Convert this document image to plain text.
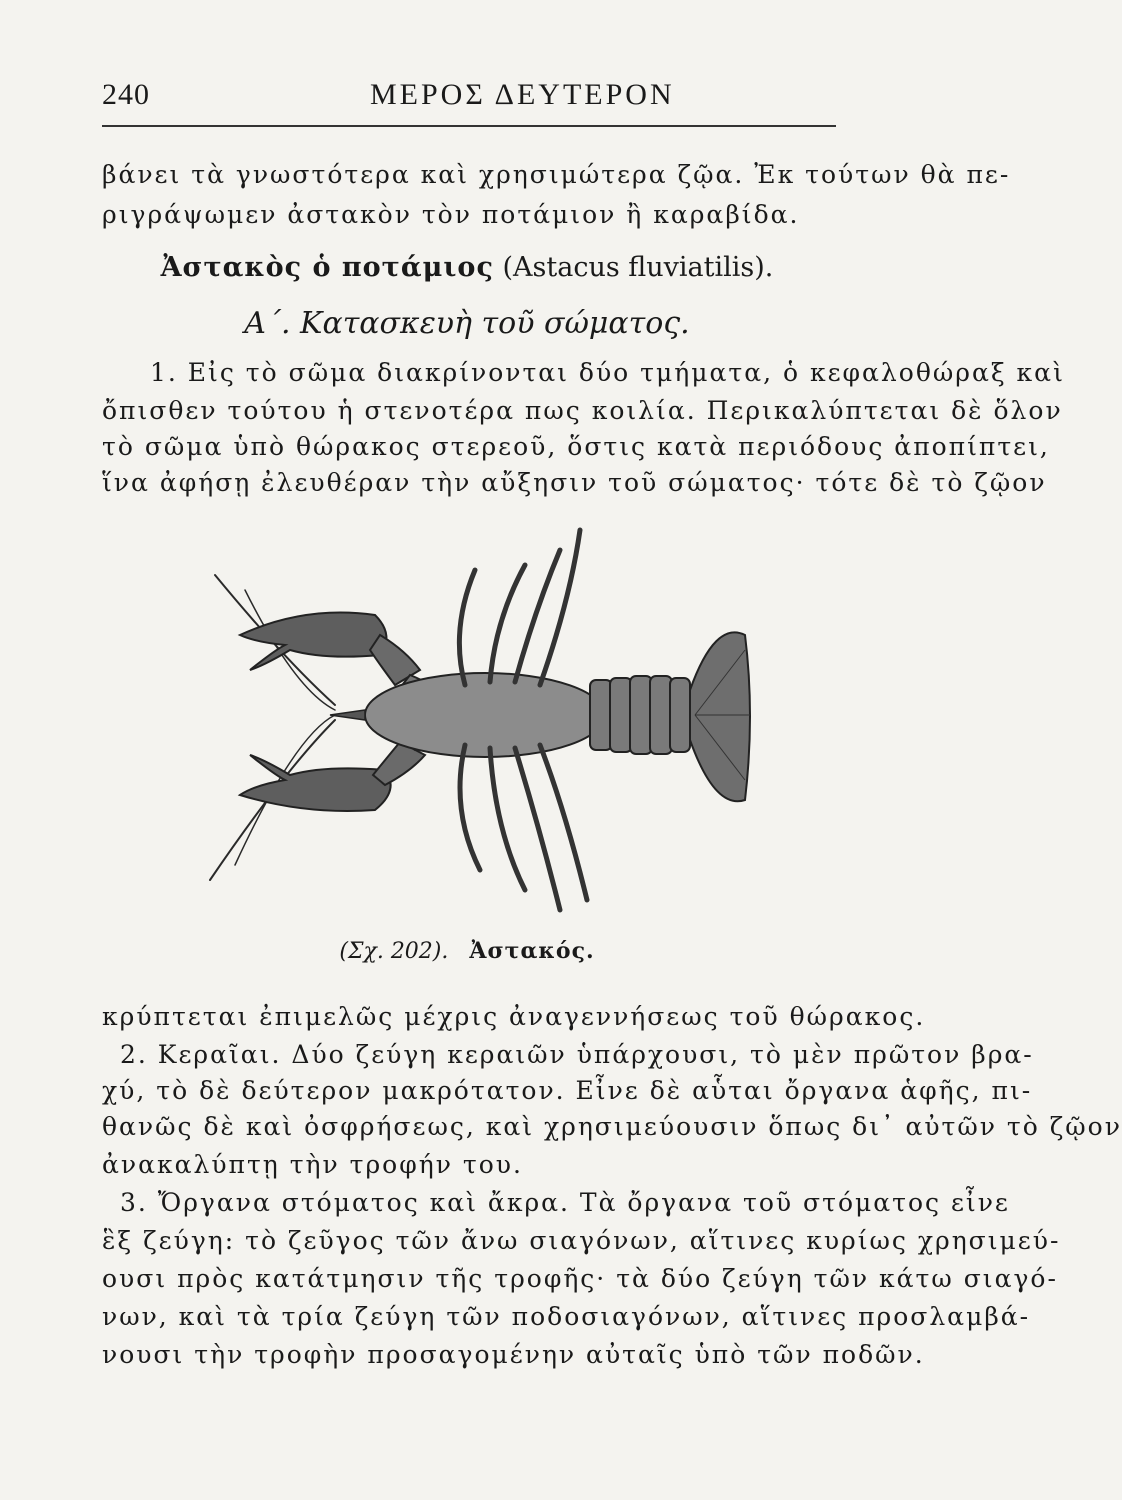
240	ΜΕΡΟΣ ΔΕΥΤΕΡΟΝ
βάνει τὰ γνωστότερα καὶ χρησιμώτερα ζῷα. Ἐκ τούτων θὰ πε-
ριγράψωμεν ἀστακὸν τὸν ποτάμιον ἢ καραβίδα.
Ἀστακὸς ὁ ποτάμιος (Astacus fluviatilis).
Α΄. Κατασκευὴ τοῦ σώματος.
1. Εἰς τὸ σῶμα διακρίνονται δύο τμήματα, ὁ κεφαλοθώραξ καὶ
ὄπισθεν τούτου ἡ στενοτέρα πως κοιλία. Περικαλύπτεται δὲ ὅλον
τὸ σῶμα ὑπὸ θώρακος στερεοῦ, ὅστις κατὰ περιόδους ἀποπίπτει,
ἵνα ἀφήσῃ ἐλευθέραν τὴν αὔξησιν τοῦ σώματος· τότε δὲ τὸ ζῷον
(Σχ. 202). Ἀστακός.
κρύπτεται ἐπιμελῶς μέχρις ἀναγεννήσεως τοῦ θώρακος.
2. Κεραῖαι. Δύο ζεύγη κεραιῶν ὑπάρχουσι, τὸ μὲν πρῶτον βρα-
χύ, τὸ δὲ δεύτερον μακρότατον. Εἶνε δὲ αὗται ὄργανα ἁφῆς, πι-
θανῶς δὲ καὶ ὀσφρήσεως, καὶ χρησιμεύουσιν ὅπως δι᾽ αὐτῶν τὸ ζῷον
ἀνακαλύπτῃ τὴν τροφήν του.
3. Ὄργανα στόματος καὶ ἄκρα. Τὰ ὄργανα τοῦ στόματος εἶνε
ἓξ ζεύγη: τὸ ζεῦγος τῶν ἄνω σιαγόνων, αἵτινες κυρίως χρησιμεύ-
ουσι πρὸς κατάτμησιν τῆς τροφῆς· τὰ δύο ζεύγη τῶν κάτω σιαγό-
νων, καὶ τὰ τρία ζεύγη τῶν ποδοσιαγόνων, αἵτινες προσλαμβά-
νουσι τὴν τροφὴν προσαγομένην αὐταῖς ὑπὸ τῶν ποδῶν.
